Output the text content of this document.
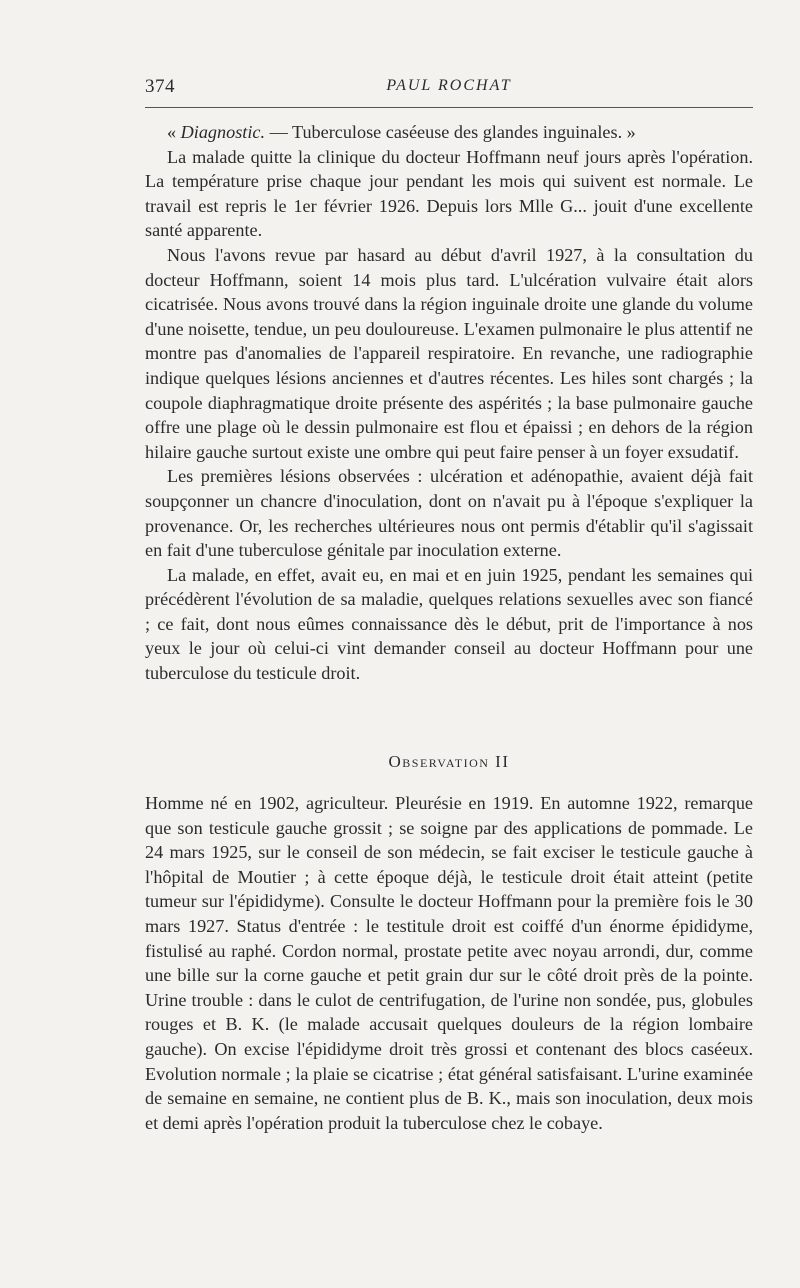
374	PAUL ROCHAT

« Diagnostic. — Tuberculose caséeuse des glandes inguinales. »

La malade quitte la clinique du docteur Hoffmann neuf jours après l'opération. La température prise chaque jour pendant les mois qui suivent est normale. Le travail est repris le 1er février 1926. Depuis lors Mlle G... jouit d'une excellente santé apparente.

Nous l'avons revue par hasard au début d'avril 1927, à la consultation du docteur Hoffmann, soient 14 mois plus tard. L'ulcération vulvaire était alors cicatrisée. Nous avons trouvé dans la région inguinale droite une glande du volume d'une noisette, tendue, un peu douloureuse. L'examen pulmonaire le plus attentif ne montre pas d'anomalies de l'appareil respiratoire. En revanche, une radiographie indique quelques lésions anciennes et d'autres récentes. Les hiles sont chargés ; la coupole diaphragmatique droite présente des aspérités ; la base pulmonaire gauche offre une plage où le dessin pulmonaire est flou et épaissi ; en dehors de la région hilaire gauche surtout existe une ombre qui peut faire penser à un foyer exsudatif.

Les premières lésions observées : ulcération et adénopathie, avaient déjà fait soupçonner un chancre d'inoculation, dont on n'avait pu à l'époque s'expliquer la provenance. Or, les recherches ultérieures nous ont permis d'établir qu'il s'agissait en fait d'une tuberculose génitale par inoculation externe.

La malade, en effet, avait eu, en mai et en juin 1925, pendant les semaines qui précédèrent l'évolution de sa maladie, quelques relations sexuelles avec son fiancé ; ce fait, dont nous eûmes connaissance dès le début, prit de l'importance à nos yeux le jour où celui-ci vint demander conseil au docteur Hoffmann pour une tuberculose du testicule droit.

Observation II

Homme né en 1902, agriculteur. Pleurésie en 1919. En automne 1922, remarque que son testicule gauche grossit ; se soigne par des applications de pommade. Le 24 mars 1925, sur le conseil de son médecin, se fait exciser le testicule gauche à l'hôpital de Moutier ; à cette époque déjà, le testicule droit était atteint (petite tumeur sur l'épididyme). Consulte le docteur Hoffmann pour la première fois le 30 mars 1927. Status d'entrée : le testitule droit est coiffé d'un énorme épididyme, fistulisé au raphé. Cordon normal, prostate petite avec noyau arrondi, dur, comme une bille sur la corne gauche et petit grain dur sur le côté droit près de la pointe. Urine trouble : dans le culot de centrifugation, de l'urine non sondée, pus, globules rouges et B. K. (le malade accusait quelques douleurs de la région lombaire gauche). On excise l'épididyme droit très grossi et contenant des blocs caséeux. Evolution normale ; la plaie se cicatrise ; état général satisfaisant. L'urine examinée de semaine en semaine, ne contient plus de B. K., mais son inoculation, deux mois et demi après l'opération produit la tuberculose chez le cobaye.
